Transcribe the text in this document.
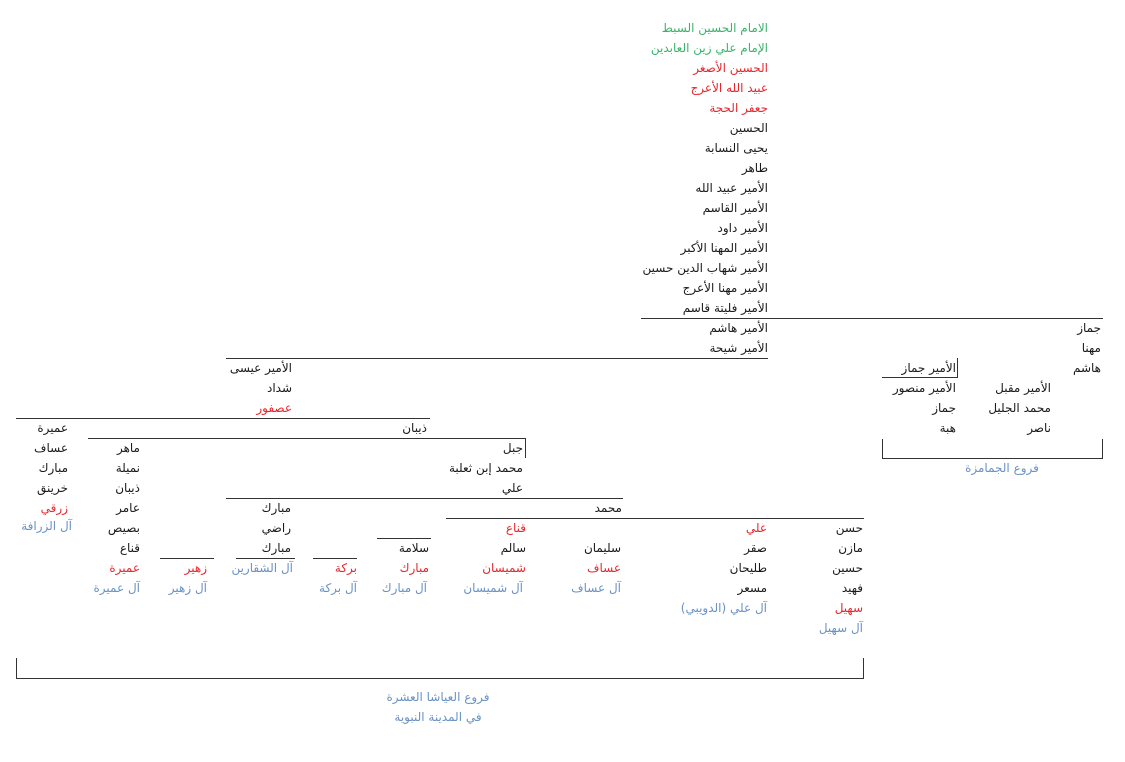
الأمير هاشم
الأمير شيحة
جماز
مهنا
هاشم
الأمير جماز
الأمير منصور
جماز
هبة
الأمير مقبل
محمد الجليل
ناصر
فروع الجمامزة
الأمير عيسى
شداد
عصفور
عميرة	ذيبان
عساف
مبارك
خرينق
زرقي
آل الزرافة
ماهر
نميلة
ذيبان
عامر
بصيص
قناع
عميرة
آل عميرة
زهير
آل زهير
مبارك
راضي
مبارك
آل الشقارين
جبل
محمد إبن ثعلبة
علي
محمد
بركة
آل بركة
سلامة
مبارك
آل مبارك
قناع
سالم
شميسان
آل شميسان
سليمان
عساف
آل عساف
علي
صقر
طليحان
مسعر
آل علي (الدويبي)
حسن
مازن
حسين
فهيد
سهيل
آل سهيل
فروع العياشا العشرة
في المدينة النبوية
الامام الحسين السبط
الإمام علي زين العابدين
الحسين الأصغر
عبيد الله الأعرج
جعفر الحجة
الحسين
يحيى النسابة
طاهر
الأمير عبيد الله
الأمير القاسم
الأمير داود
الأمير المهنا الأكبر
الأمير شهاب الدين حسين
الأمير مهنا الأعرج
الأمير فليتة قاسم
